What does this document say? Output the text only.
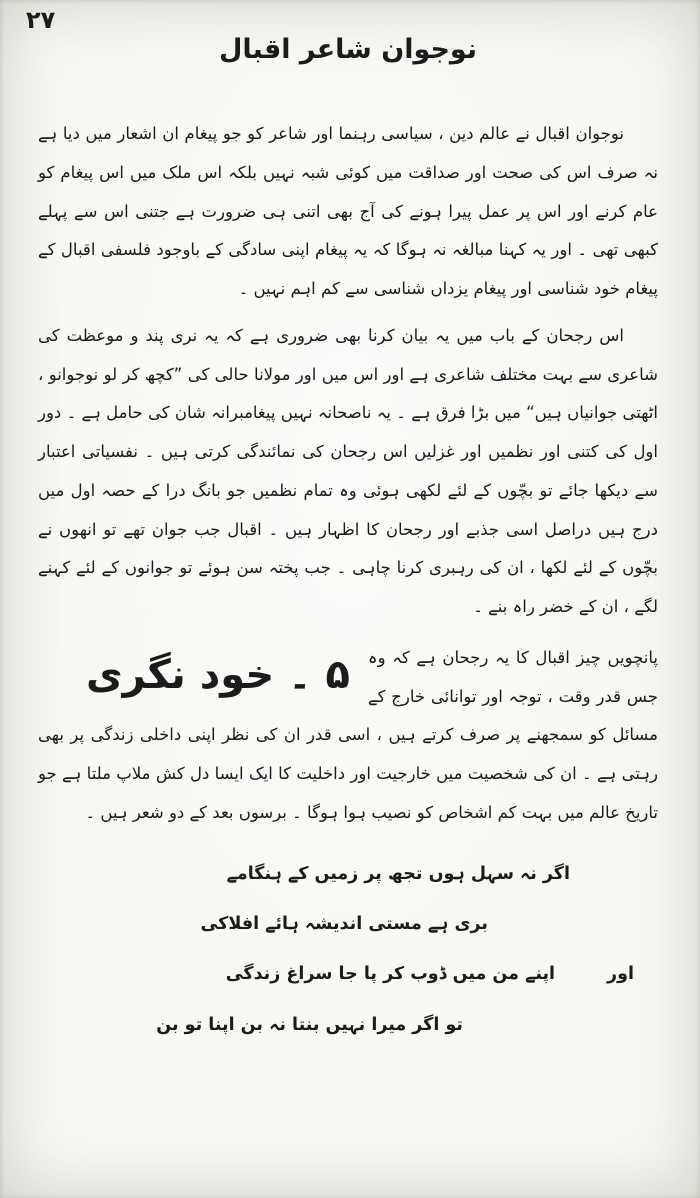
۲۷
نوجوان شاعر اقبال

نوجوان اقبال نے عالم دین ، سیاسی رہنما اور شاعر کو جو پیغام ان اشعار میں دیا ہے نہ صرف اس کی صحت اور صداقت میں کوئی شبہ نہیں بلکہ اس ملک میں اس پیغام کو عام کرنے اور اس پر عمل پیرا ہونے کی آج بھی اتنی ہی ضرورت ہے جتنی اس سے پہلے کبھی تھی ۔ اور یہ کہنا مبالغہ نہ ہوگا کہ یہ پیغام اپنی سادگی کے باوجود فلسفی اقبال کے پیغام خود شناسی اور پیغام یزداں شناسی سے کم اہم نہیں ۔

اس رجحان کے باب میں یہ بیان کرنا بھی ضروری ہے کہ یہ نری پند و موعظت کی شاعری سے بہت مختلف شاعری ہے اور اس میں اور مولانا حالی کی ”کچھ کر لو نوجوانو ، اٹھتی جوانیاں ہیں“ میں بڑا فرق ہے ۔ یہ ناصحانہ نہیں پیغامبرانہ شان کی حامل ہے ۔ دور اول کی کتنی اور نظمیں اور غزلیں اس رجحان کی نمائندگی کرتی ہیں ۔ نفسیاتی اعتبار سے دیکھا جائے تو بچّوں کے لئے لکھی ہوئی وہ تمام نظمیں جو بانگ درا کے حصہ اول میں درج ہیں دراصل اسی جذبے اور رجحان کا اظہار ہیں ۔ اقبال جب جوان تھے تو انھوں نے بچّوں کے لئے لکھا ، ان کی رہبری کرنا چاہی ۔ جب پختہ سن ہوئے تو جوانوں کے لئے کہنے لگے ، ان کے خضر راہ بنے ۔

۵ ۔ خود نگری	پانچویں چیز اقبال کا یہ رجحان ہے کہ وہ جس قدر وقت ، توجہ اور توانائی خارج کے مسائل کو سمجھنے پر صرف کرتے ہیں ، اسی قدر ان کی نظر اپنی داخلی زندگی پر بھی رہتی ہے ۔ ان کی شخصیت میں خارجیت اور داخلیت کا ایک ایسا دل کش ملاپ ملتا ہے جو تاریخ عالم میں بہت کم اشخاص کو نصیب ہوا ہوگا ۔ برسوں بعد کے دو شعر ہیں ۔

اگر نہ سہل ہوں تجھ پر زمیں کے ہنگامے
بری ہے مستی اندیشہ ہائے افلاکی
اوراپنے من میں ڈوب کر پا جا سراغ زندگی
تو اگر میرا نہیں بنتا نہ بن اپنا تو بن
